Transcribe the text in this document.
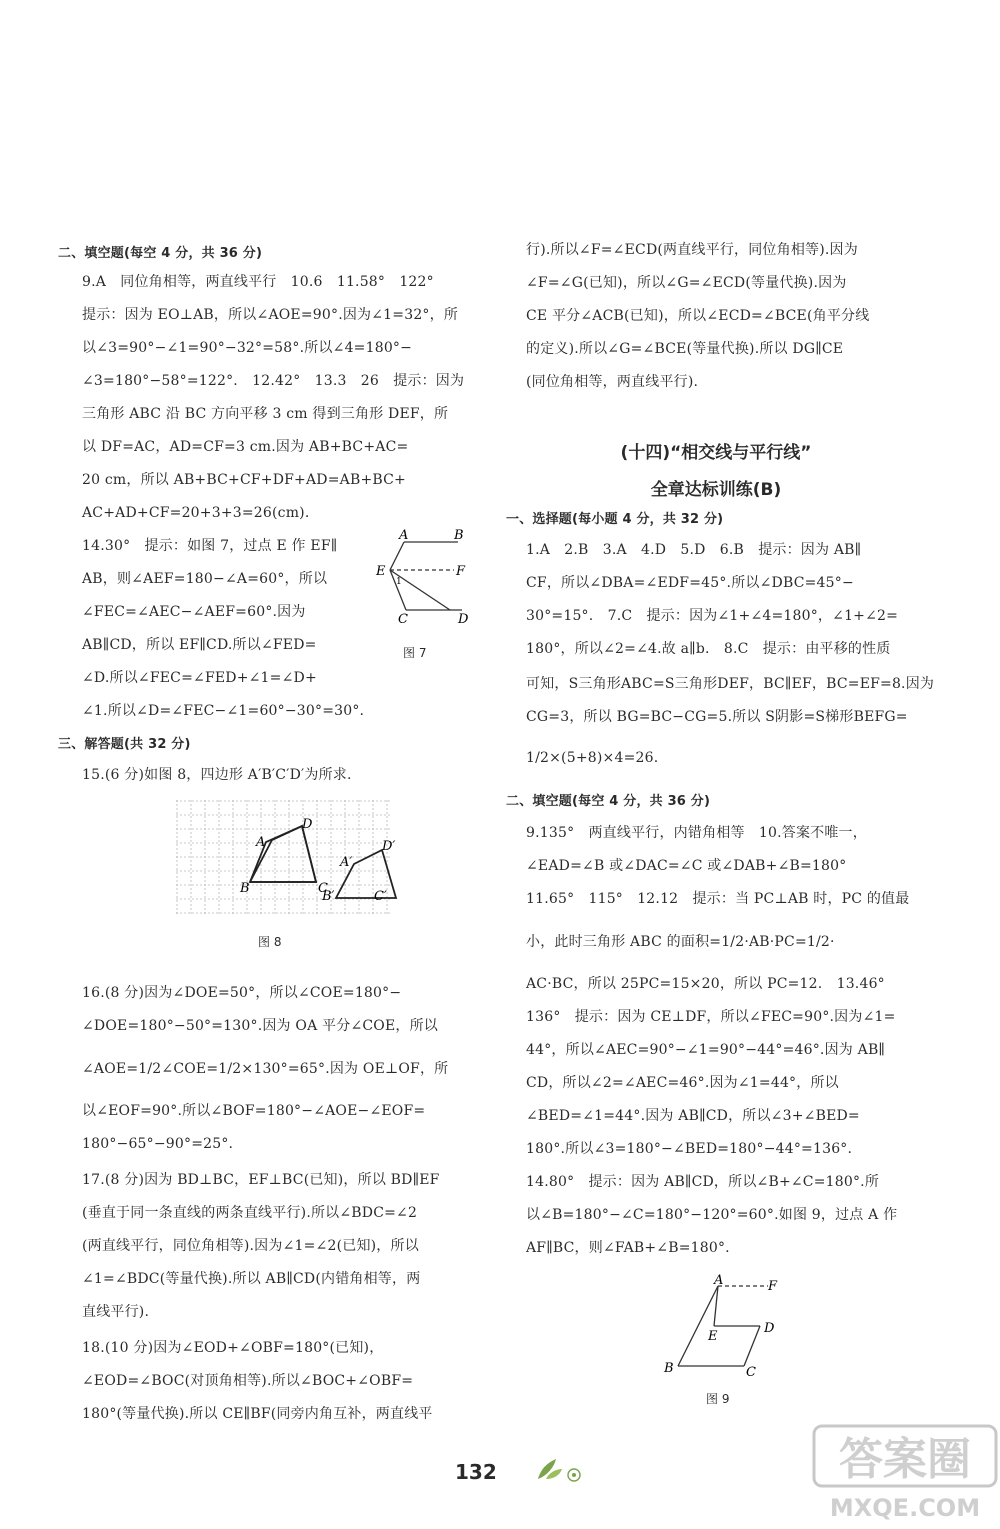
二、填空题(每空 4 分，共 36 分)
9.A　同位角相等，两直线平行　10.6　11.58°　122°
提示：因为 EO⊥AB，所以∠AOE=90°.因为∠1=32°，所
以∠3=90°−∠1=90°−32°=58°.所以∠4=180°−
∠3=180°−58°=122°.　12.42°　13.3　26　提示：因为
三角形 ABC 沿 BC 方向平移 3 cm 得到三角形 DEF，所
以 DF=AC，AD=CF=3 cm.因为 AB+BC+AC=
20 cm，所以 AB+BC+CF+DF+AD=AB+BC+
AC+AD+CF=20+3+3=26(cm).
14.30°　提示：如图 7，过点 E 作 EF∥
AB，则∠AEF=180−∠A=60°，所以
∠FEC=∠AEC−∠AEF=60°.因为
AB∥CD，所以 EF∥CD.所以∠FED=
∠D.所以∠FEC=∠FED+∠1=∠D+
∠1.所以∠D=∠FEC−∠1=60°−30°=30°.
A	B
E	F
1
C	D
图 7
三、解答题(共 32 分)
15.(6 分)如图 8，四边形 A′B′C′D′为所求.
A
D
B	C
A′
D′
B′	C′
图 8
16.(8 分)因为∠DOE=50°，所以∠COE=180°−
∠DOE=180°−50°=130°.因为 OA 平分∠COE，所以
∠AOE=1/2∠COE=1/2×130°=65°.因为 OE⊥OF，所
以∠EOF=90°.所以∠BOF=180°−∠AOE−∠EOF=
180°−65°−90°=25°.
17.(8 分)因为 BD⊥BC，EF⊥BC(已知)，所以 BD∥EF
(垂直于同一条直线的两条直线平行).所以∠BDC=∠2
(两直线平行，同位角相等).因为∠1=∠2(已知)，所以
∠1=∠BDC(等量代换).所以 AB∥CD(内错角相等，两
直线平行).
18.(10 分)因为∠EOD+∠OBF=180°(已知)，
∠EOD=∠BOC(对顶角相等).所以∠BOC+∠OBF=
180°(等量代换).所以 CE∥BF(同旁内角互补，两直线平
行).所以∠F=∠ECD(两直线平行，同位角相等).因为
∠F=∠G(已知)，所以∠G=∠ECD(等量代换).因为
CE 平分∠ACB(已知)，所以∠ECD=∠BCE(角平分线
的定义).所以∠G=∠BCE(等量代换).所以 DG∥CE
(同位角相等，两直线平行).
(十四)“相交线与平行线”
全章达标训练(B)
一、选择题(每小题 4 分，共 32 分)
1.A　2.B　3.A　4.D　5.D　6.B　提示：因为 AB∥
CF，所以∠DBA=∠EDF=45°.所以∠DBC=45°−
30°=15°.　7.C　提示：因为∠1+∠4=180°，∠1+∠2=
180°，所以∠2=∠4.故 a∥b.　8.C　提示：由平移的性质
可知，S三角形ABC=S三角形DEF，BC∥EF，BC=EF=8.因为
CG=3，所以 BG=BC−CG=5.所以 S阴影=S梯形BEFG=
1/2×(5+8)×4=26.
二、填空题(每空 4 分，共 36 分)
9.135°　两直线平行，内错角相等　10.答案不唯一，
∠EAD=∠B 或∠DAC=∠C 或∠DAB+∠B=180°
11.65°　115°　12.12　提示：当 PC⊥AB 时，PC 的值最
小，此时三角形 ABC 的面积=1/2·AB·PC=1/2·
AC·BC，所以 25PC=15×20，所以 PC=12.　13.46°
136°　提示：因为 CE⊥DF，所以∠FEC=90°.因为∠1=
44°，所以∠AEC=90°−∠1=90°−44°=46°.因为 AB∥
CD，所以∠2=∠AEC=46°.因为∠1=44°，所以
∠BED=∠1=44°.因为 AB∥CD，所以∠3+∠BED=
180°.所以∠3=180°−∠BED=180°−44°=136°.
14.80°　提示：因为 AB∥CD，所以∠B+∠C=180°.所
以∠B=180°−∠C=180°−120°=60°.如图 9，过点 A 作
AF∥BC，则∠FAB+∠B=180°.
A	F
E
D
B	C
图 9
132	答案圈
MXQE.COM
